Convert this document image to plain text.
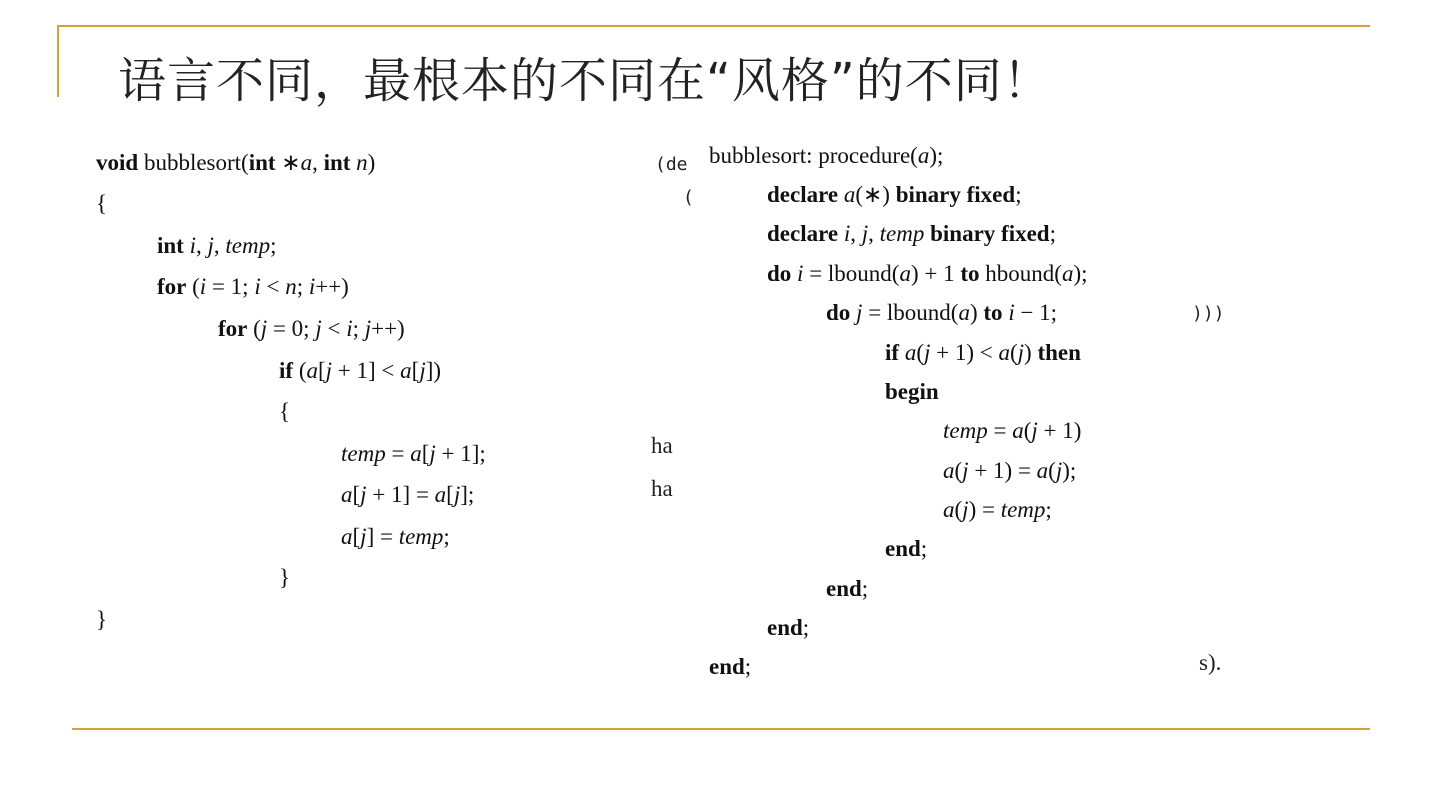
语言不同，最根本的不同在“风格”的不同！
void bubblesort(int ∗a, int n)
{
int i, j, temp;
for (i = 1; i < n; i++)
for (j = 0; j < i; j++)
if (a[j + 1] < a[j])
{
temp = a[j + 1];
a[j + 1] = a[j];
a[j] = temp;
}
}
(de
(
ha
ha
)))
s).
bubblesort: procedure(a);
declare a(∗) binary fixed;
declare i, j, temp binary fixed;
do i = lbound(a) + 1 to hbound(a);
do j = lbound(a) to i − 1;
if a(j + 1) < a(j) then
begin
temp = a(j + 1)
a(j + 1) = a(j);
a(j) = temp;
end;
end;
end;
end;
